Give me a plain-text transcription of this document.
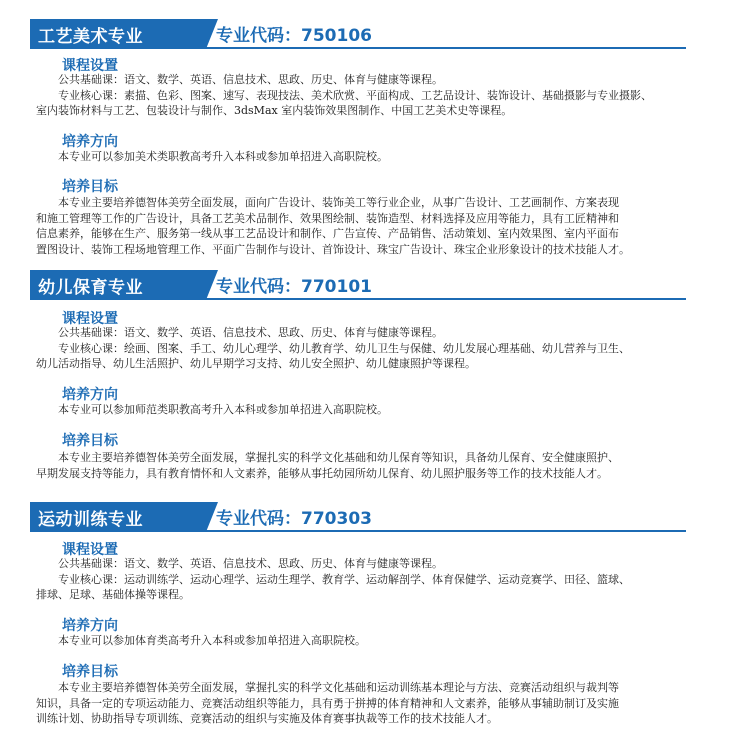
工艺美术专业	专业代码：750106
课程设置
公共基础课：语文、数学、英语、信息技术、思政、历史、体育与健康等课程。
专业核心课：素描、色彩、图案、速写、表现技法、美术欣赏、平面构成、工艺品设计、装饰设计、基础摄影与专业摄影、
室内装饰材料与工艺、包装设计与制作、3dsMax 室内装饰效果图制作、中国工艺美术史等课程。
培养方向
本专业可以参加美术类职教高考升入本科或参加单招进入高职院校。
培养目标
本专业主要培养德智体美劳全面发展，面向广告设计、装饰美工等行业企业，从事广告设计、工艺画制作、方案表现
和施工管理等工作的广告设计，具备工艺美术品制作、效果图绘制、装饰造型、材料选择及应用等能力，具有工匠精神和
信息素养，能够在生产、服务第一线从事工艺品设计和制作、广告宣传、产品销售、活动策划、室内效果图、室内平面布
置图设计、装饰工程场地管理工作、平面广告制作与设计、首饰设计、珠宝广告设计、珠宝企业形象设计的技术技能人才。
幼儿保育专业	专业代码：770101
课程设置
公共基础课：语文、数学、英语、信息技术、思政、历史、体育与健康等课程。
专业核心课：绘画、图案、手工、幼儿心理学、幼儿教育学、幼儿卫生与保健、幼儿发展心理基础、幼儿营养与卫生、
幼儿活动指导、幼儿生活照护、幼儿早期学习支持、幼儿安全照护、幼儿健康照护等课程。
培养方向
本专业可以参加师范类职教高考升入本科或参加单招进入高职院校。
培养目标
本专业主要培养德智体美劳全面发展，掌握扎实的科学文化基础和幼儿保育等知识，具备幼儿保育、安全健康照护、
早期发展支持等能力，具有教育情怀和人文素养，能够从事托幼园所幼儿保育、幼儿照护服务等工作的技术技能人才。
运动训练专业	专业代码：770303
课程设置
公共基础课：语文、数学、英语、信息技术、思政、历史、体育与健康等课程。
专业核心课：运动训练学、运动心理学、运动生理学、教育学、运动解剖学、体育保健学、运动竞赛学、田径、篮球、
排球、足球、基础体操等课程。
培养方向
本专业可以参加体育类高考升入本科或参加单招进入高职院校。
培养目标
本专业主要培养德智体美劳全面发展，掌握扎实的科学文化基础和运动训练基本理论与方法、竞赛活动组织与裁判等
知识，具备一定的专项运动能力、竞赛活动组织等能力，具有勇于拼搏的体育精神和人文素养，能够从事辅助制订及实施
训练计划、协助指导专项训练、竞赛活动的组织与实施及体育赛事执裁等工作的技术技能人才。
